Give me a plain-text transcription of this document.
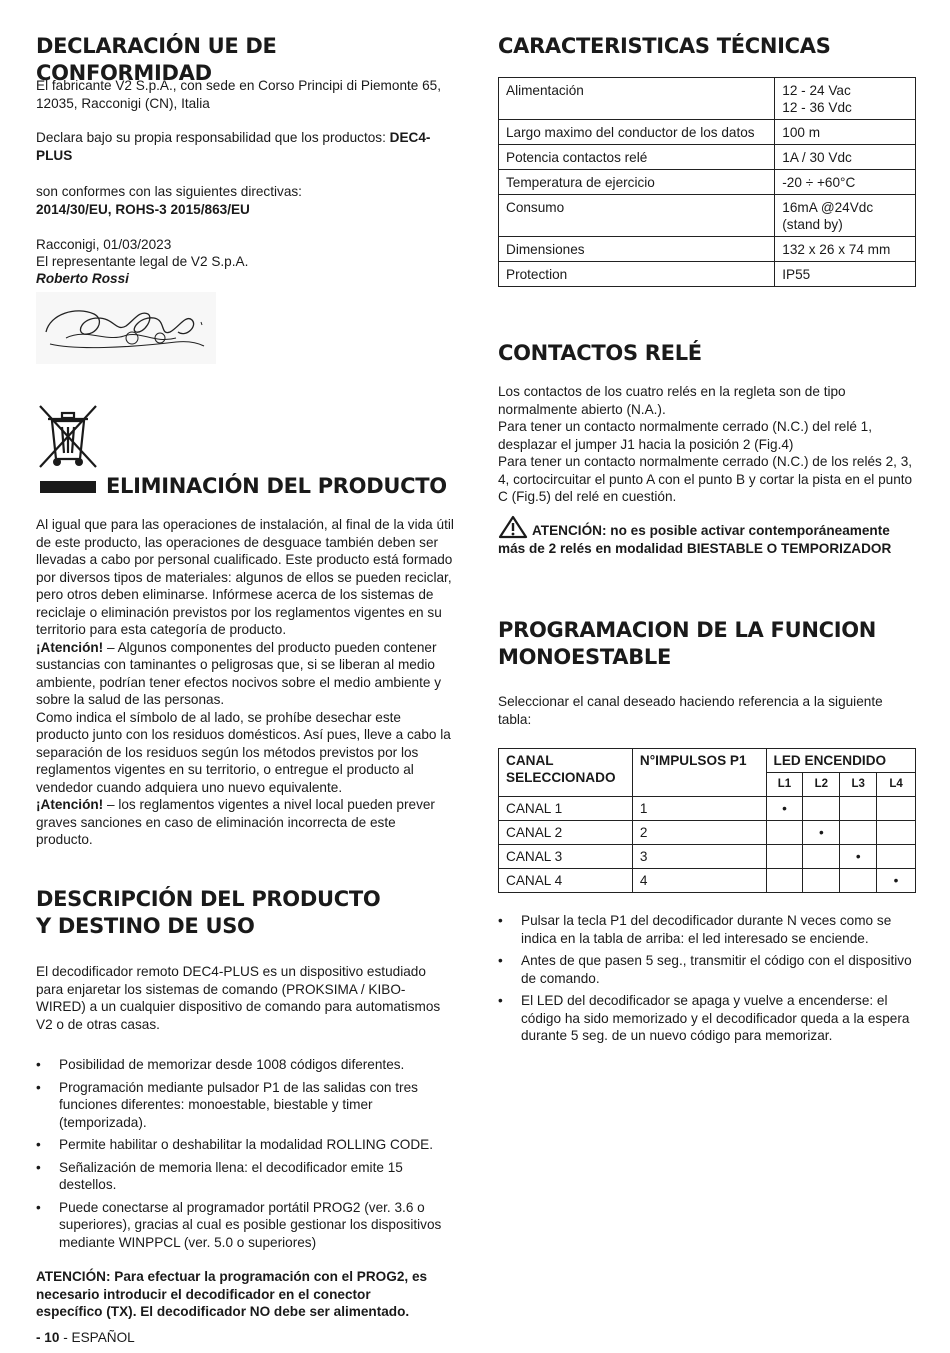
DECLARACIÓN UE DE CONFORMIDAD

El fabricante V2 S.p.A., con sede en Corso Principi di Piemonte 65, 12035, Racconigi (CN), Italia

Declara bajo su propia responsabilidad que los productos: DEC4-PLUS

son conformes con las siguientes directivas:

2014/30/EU, ROHS-3 2015/863/EU

Racconigi, 01/03/2023

El representante legal de V2 S.p.A.

Roberto Rossi

ELIMINACIÓN DEL PRODUCTO

Al igual que para las operaciones de instalación, al final de la vida útil de este producto, las operaciones de desguace también deben ser llevadas a cabo por personal cualificado. Este producto está formado por diversos tipos de materiales: algunos de ellos se pueden reciclar, pero otros deben eliminarse. Infórmese acerca de los sistemas de reciclaje o eliminación previstos por los reglamentos vigentes en su territorio para esta categoría de producto.

¡Atención! – Algunos componentes del producto pueden contener sustancias con taminantes o peligrosas que, si se liberan al medio ambiente, podrían tener efectos nocivos sobre el medio ambiente y sobre la salud de las personas.

Como indica el símbolo de al lado, se prohíbe desechar este producto junto con los residuos domésticos. Así pues, lleve a cabo la separación de los residuos según los métodos previstos por los reglamentos vigentes en su territorio, o entregue el producto al vendedor cuando adquiera uno nuevo equivalente.

¡Atención! – los reglamentos vigentes a nivel local pueden prever graves sanciones en caso de eliminación incorrecta de este producto.

DESCRIPCIÓN DEL PRODUCTO
Y DESTINO DE USO

El decodificador remoto DEC4-PLUS es un dispositivo estudiado para enjaretar los sistemas de comando (PROKSIMA / KIBO-WIRED) a un cualquier dispositivo de comando para automatismos V2 o de otras casas.

• Posibilidad de memorizar desde 1008 códigos diferentes.
• Programación mediante pulsador P1 de las salidas con tres funciones diferentes: monoestable, biestable y timer (temporizada).
• Permite habilitar o deshabilitar la modalidad ROLLING CODE.
• Señalización de memoria llena: el decodificador emite 15 destellos.
• Puede conectarse al programador portátil PROG2 (ver. 3.6 o superiores), gracias al cual es posible gestionar los dispositivos mediante WINPPCL (ver. 5.0 o superiores)

ATENCIÓN: Para efectuar la programación con el PROG2, es necesario introducir el decodificador en el conector específico (TX). El decodificador NO debe ser alimentado.

- 10 - ESPAÑOL

CARACTERISTICAS TÉCNICAS
Alimentación	12 - 24 Vac
12 - 36 Vdc
Largo maximo del conductor de los datos	100 m
Potencia contactos relé	1A / 30 Vdc
Temperatura de ejercicio	-20 ÷ +60°C
Consumo	16mA @24Vdc
(stand by)
Dimensiones	132 x 26 x 74 mm
Protection	IP55
CONTACTOS RELÉ

Los contactos de los cuatro relés en la regleta son de tipo normalmente abierto (N.A.).

Para tener un contacto normalmente cerrado (N.C.) del relé 1, desplazar el jumper J1 hacia la posición 2 (Fig.4)

Para tener un contacto normalmente cerrado (N.C.) de los relés 2, 3, 4, cortocircuitar el punto A con el punto B y cortar la pista en el punto C (Fig.5) del relé en cuestión.

ATENCIÓN: no es posible activar contemporáneamente más de 2 relés en modalidad BIESTABLE O TEMPORIZADOR
PROGRAMACION DE LA FUNCION
MONOESTABLE

Seleccionar el canal deseado haciendo referencia a la siguiente tabla:

CANAL SELECCIONADO	N°IMPULSOS P1	LED ENCENDIDO			
		L1	L2	L3	L4
CANAL 1	1	•			
CANAL 2	2		•		
CANAL 3	3			•	
CANAL 4	4				•
• Pulsar la tecla P1 del decodificador durante N veces como se indica en la tabla de arriba: el led interesado se enciende.
• Antes de que pasen 5 seg., transmitir el código con el dispositivo de comando.
• El LED del decodificador se apaga y vuelve a encenderse: el código ha sido memorizado y el decodificador queda a la espera durante 5 seg. de un nuevo código para memorizar.
